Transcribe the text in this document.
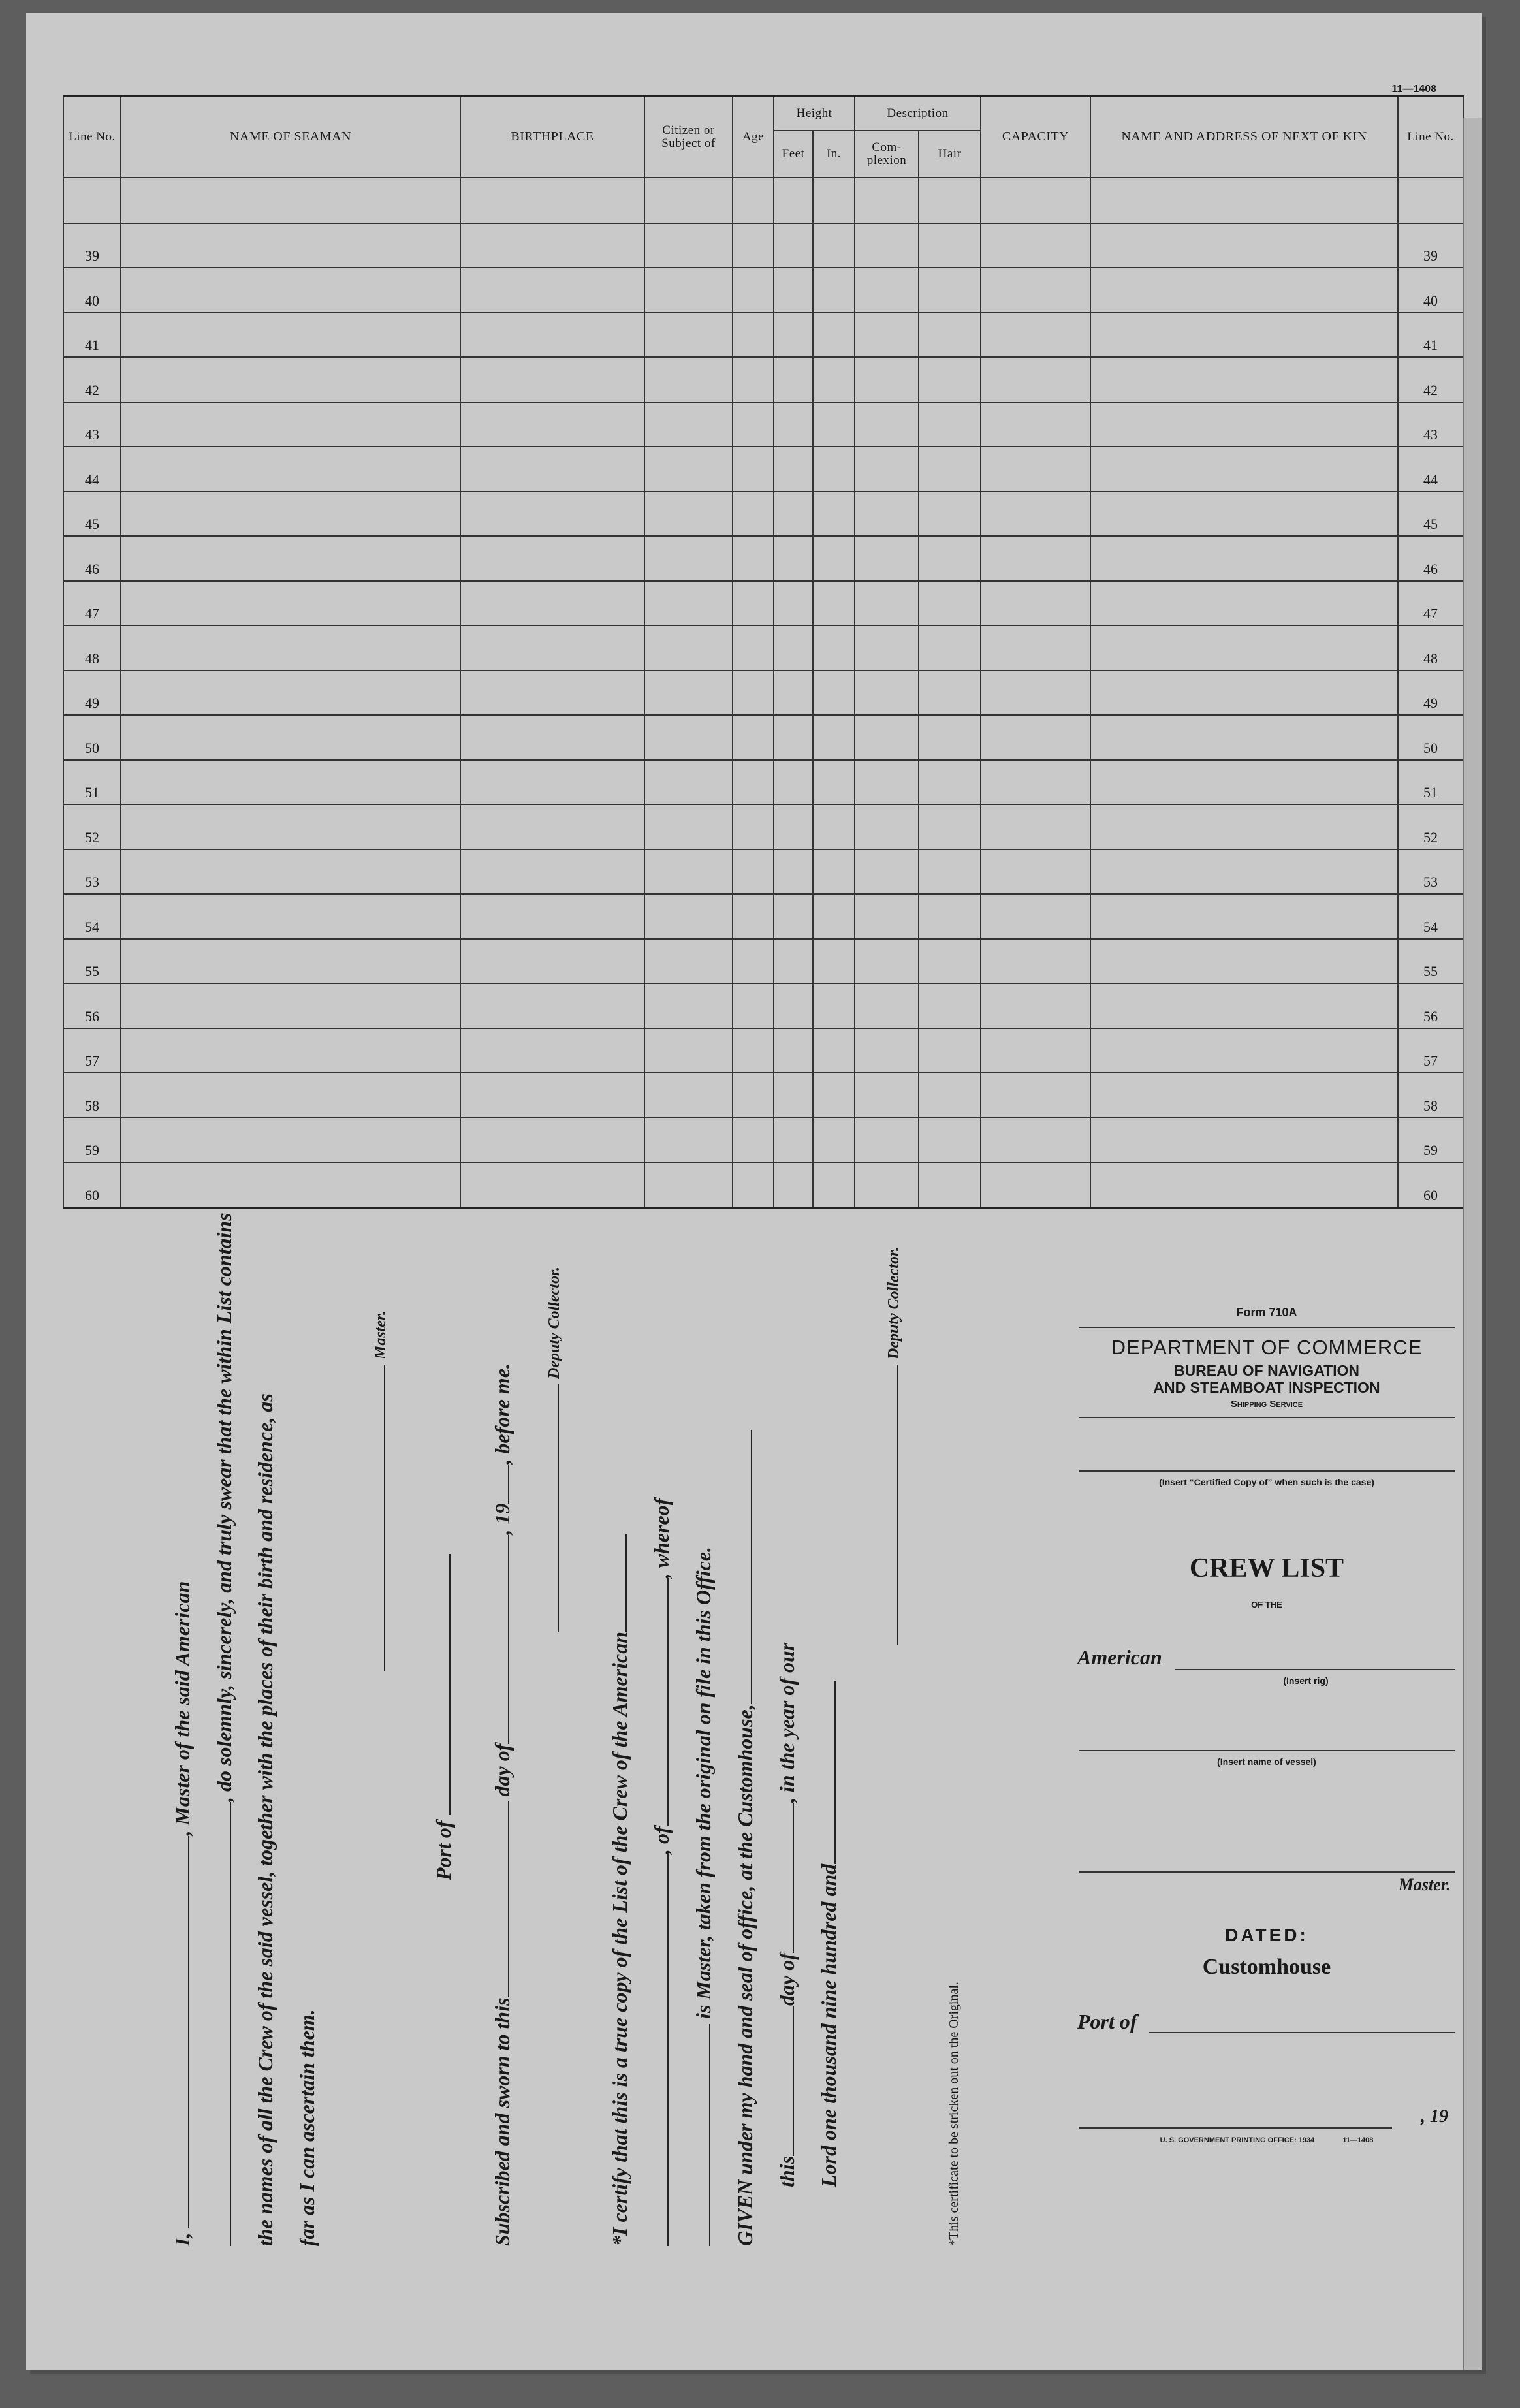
11—1408
Line No.	NAME OF SEAMAN	BIRTHPLACE	Citizen or Subject of	Age	Height		Description		CAPACITY	NAME AND ADDRESS OF NEXT OF KIN	Line No.
					Feet	In.	Com-plexion	Hair			

39											39
40											40
41											41
42											42
43											43
44											44
45											45
46											46
47											47
48											48
49											49
50											50
51											51
52											52
53											53
54											54
55											55
56											56
57											57
58											58
59											59
60											60
I, , Master of the said American , do solemnly, sincerely, and truly swear that the within List contains the names of all the Crew of the said vessel, together with the places of their birth and residence, as far as I can ascertain them.
Master.
Port of
Subscribed and sworn to this day of, 19, before me.
Deputy Collector.
*I certify that this is a true copy of the List of the Crew of the American , of, whereof
is Master, taken from the original on file in this Office. GIVEN under my hand and seal of office, at the Customhouse, thisday of, in the year of our
Lord one thousand nine hundred and
Deputy Collector.
*This certificate to be stricken out on the Original.
Form 710A
DEPARTMENT OF COMMERCE
BUREAU OF NAVIGATION
AND STEAMBOAT INSPECTION
Shipping Service
(Insert “Certified Copy of” when such is the case)
CREW LIST
OF THE
American
(Insert rig)
(Insert name of vessel)
Master.
DATED:
Customhouse
Port of
, 19
U. S. GOVERNMENT PRINTING OFFICE: 1934	11—1408
